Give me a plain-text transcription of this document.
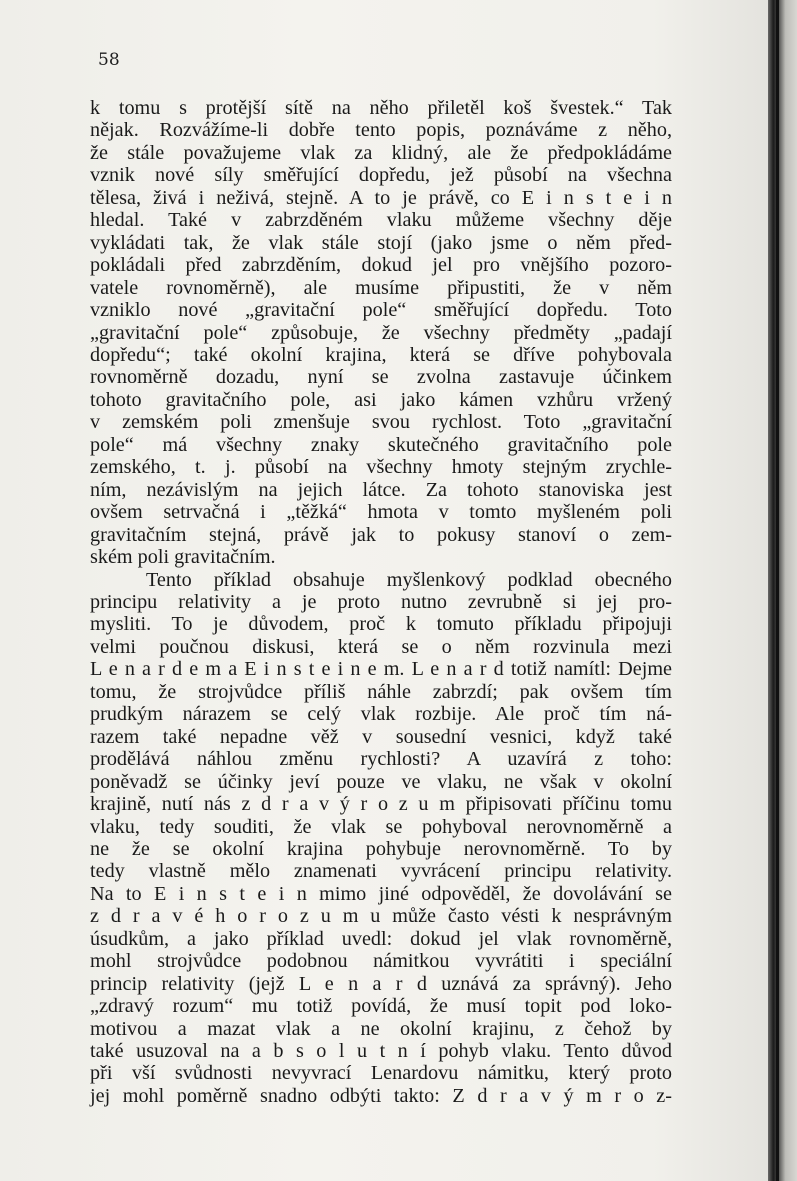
58
k tomu s protější sítě na něho přiletěl koš švestek.“ Tak
nějak. Rozvážíme-li dobře tento popis, poznáváme z něho,
že stále považujeme vlak za klidný, ale že předpokládáme
vznik nové síly směřující dopředu, jež působí na všechna
tělesa, živá i neživá, stejně. A to je právě, co E i n s t e i n
hledal. Také v zabrzděném vlaku můžeme všechny děje
vykládati tak, že vlak stále stojí (jako jsme o něm před-
pokládali před zabrzděním, dokud jel pro vnějšího pozoro-
vatele rovnoměrně), ale musíme připustiti, že v něm
vzniklo nové „gravitační pole“ směřující dopředu. Toto
„gravitační pole“ způsobuje, že všechny předměty „padají
dopředu“; také okolní krajina, která se dříve pohybovala
rovnoměrně dozadu, nyní se zvolna zastavuje účinkem
tohoto gravitačního pole, asi jako kámen vzhůru vržený
v zemském poli zmenšuje svou rychlost. Toto „gravitační
pole“ má všechny znaky skutečného gravitačního pole
zemského, t. j. působí na všechny hmoty stejným zrychle-
ním, nezávislým na jejich látce. Za tohoto stanoviska jest
ovšem setrvačná i „těžká“ hmota v tomto myšleném poli
gravitačním stejná, právě jak to pokusy stanoví o zem-
ském poli gravitačním.
Tento příklad obsahuje myšlenkový podklad obecného
principu relativity a je proto nutno zevrubně si jej pro-
mysliti. To je důvodem, proč k tomuto příkladu připojuji
velmi poučnou diskusi, která se o něm rozvinula mezi
L e n a r d e m a E i n s t e i n e m. L e n a r d totiž namítl: Dejme
tomu, že strojvůdce příliš náhle zabrzdí; pak ovšem tím
prudkým nárazem se celý vlak rozbije. Ale proč tím ná-
razem také nepadne věž v sousední vesnici, když také
prodělává náhlou změnu rychlosti? A uzavírá z toho:
poněvadž se účinky jeví pouze ve vlaku, ne však v okolní
krajině, nutí nás z d r a v ý r o z u m připisovati příčinu tomu
vlaku, tedy souditi, že vlak se pohyboval nerovnoměrně a
ne že se okolní krajina pohybuje nerovnoměrně. To by
tedy vlastně mělo znamenati vyvrácení principu relativity.
Na to E i n s t e i n mimo jiné odpověděl, že dovolávání se
z d r a v é h o r o z u m u může často vésti k nesprávným
úsudkům, a jako příklad uvedl: dokud jel vlak rovnoměrně,
mohl strojvůdce podobnou námitkou vyvrátiti i speciální
princip relativity (jejž L e n a r d uznává za správný). Jeho
„zdravý rozum“ mu totiž povídá, že musí topit pod loko-
motivou a mazat vlak a ne okolní krajinu, z čehož by
také usuzoval na a b s o l u t n í pohyb vlaku. Tento důvod
při vší svůdnosti nevyvrací Lenardovu námitku, který proto
jej mohl poměrně snadno odbýti takto: Z d r a v ý m r o z-
